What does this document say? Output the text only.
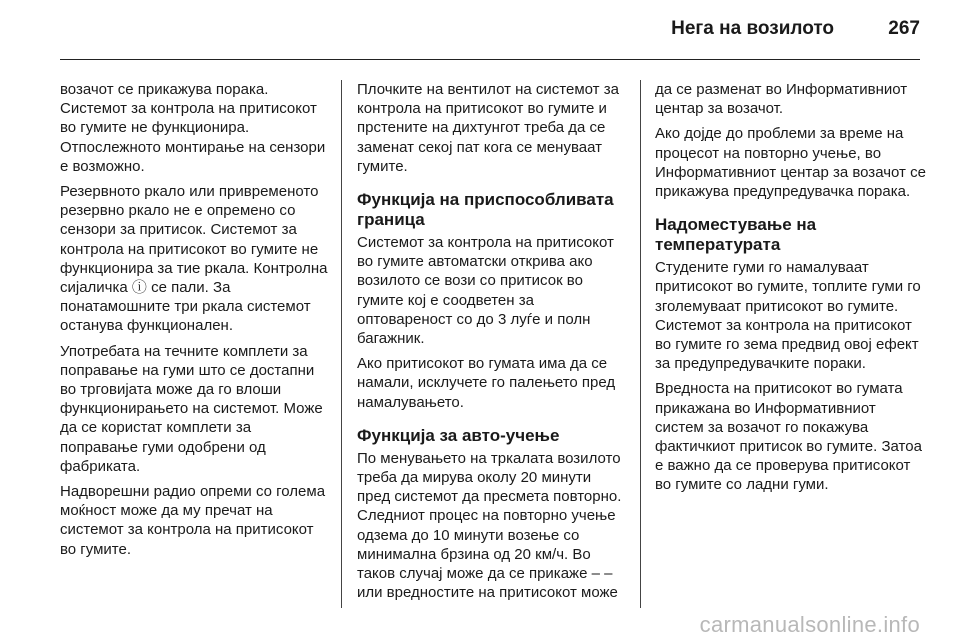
Нега на возилото	267

возачот се прикажува порака. Системот за контрола на притисокот во гумите не функционира. Отпослежното монтирање на сензори е возможно.

Резервното ркало или привременото резервно ркало не е опремено со сензори за притисок. Системот за контрола на притисокот во гумите не функционира за тие ркала. Контролна сијаличка ⓘ се пали. За понатамошните три ркала системот останува функционален.

Употребата на течните комплети за поправање на гуми што се достапни во трговијата може да го влоши функционирањето на системот. Може да се користат комплети за поправање гуми одобрени од фабриката.

Надворешни радио опреми со голема моќност може да му пречат на системот за контрола на притисокот во гумите.

Плочките на вентилот на системот за контрола на притисокот во гумите и прстените на дихтунгот треба да се заменат секој пат кога се менуваат гумите.

Функција на приспособливата граница

Системот за контрола на притисокот во гумите автоматски открива ако возилото се вози со притисок во гумите кој е соодветен за оптовареност со до 3 луѓе и полн багажник.

Ако притисокот во гумата има да се намали, исклучете го палењето пред намалувањето.

Функција за авто-учење

По менувањето на тркалата возилото треба да мирува околу 20 минути пред системот да пресмета повторно. Следниот процес на повторно учење одзема до 10 минути возење со минимална брзина од 20 км/ч. Во таков случај може да се прикаже – – или вредностите на притисокот може

да се разменат во Информативниот центар за возачот.

Ако дојде до проблеми за време на процесот на повторно учење, во Информативниот центар за возачот се прикажува предупредувачка порака.

Надоместување на температурата

Студените гуми го намалуваат притисокот во гумите, топлите гуми го зголемуваат притисокот во гумите. Системот за контрола на притисокот во гумите го зема предвид овој ефект за предупредувачките пораки.

Вредноста на притисокот во гумата прикажана во Информативниот систем за возачот го покажува фактичкиот притисок во гумите. Затоа е важно да се проверува притисокот во гумите со ладни гуми.

carmanualsonline.info
